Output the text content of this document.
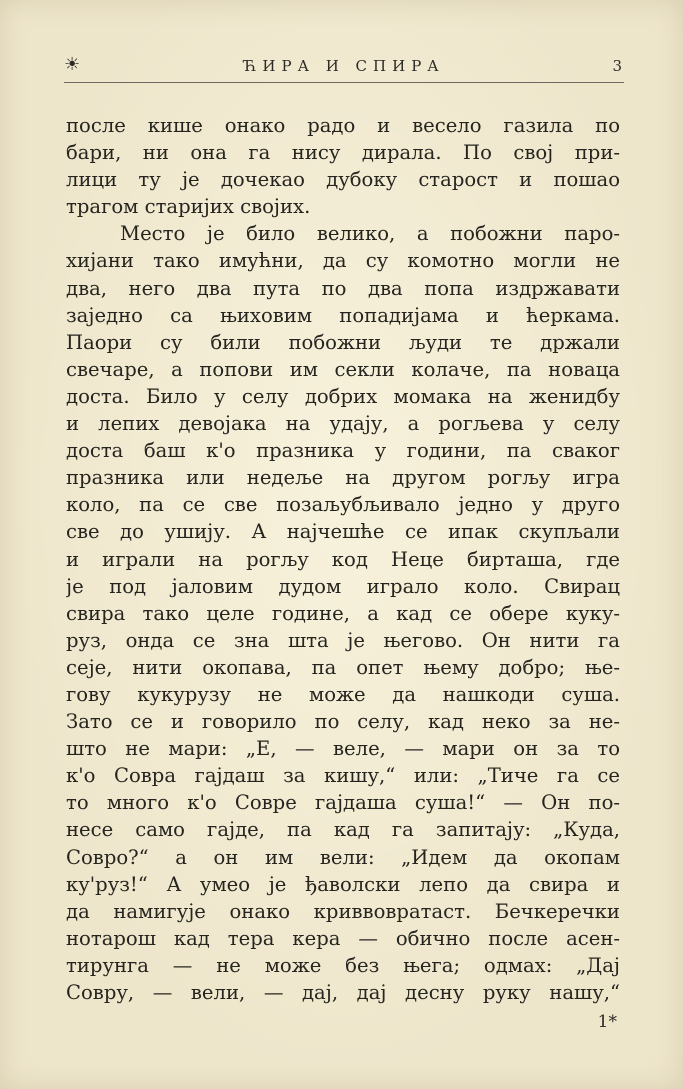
☀	ЋИРА И СПИРА	3
после кише онако радо и весело газила по
бари, ни она га нису дирала. По свој при-
лици ту је дочекао дубоку старост и пошао
трагом старијих својих.
Место је било велико, а побожни паро-
хијани тако имућни, да су комотно могли не
два, него два пута по два попа издржавати
заједно са њиховим попадијама и ћеркама.
Паори су били побожни људи те држали
свечаре, а попови им секли колаче, па новаца
доста. Било у селу добрих момака на женидбу
и лепих девојака на удају, а рогљева у селу
доста баш к'о празника у години, па сваког
празника или недеље на другом рогљу игра
коло, па се све позаљубљивало једно у друго
све до ушију. А најчешће се ипак скупљали
и играли на рогљу код Неце бирташа, где
је под јаловим дудом играло коло. Свирац
свира тако целе године, а кад се обере куку-
руз, онда се зна шта је његово. Он нити га
сеје, нити окопава, па опет њему добро; ње-
гову кукурузу не може да нашкоди суша.
Зато се и говорило по селу, кад неко за не-
што не мари: „Е, — веле, — мари он за то
к'о Совра гајдаш за кишу,“ или: „Тиче га се
то много к'о Совре гајдаша суша!“ — Он по-
несе само гајде, па кад га запитају: „Куда,
Совро?“ а он им вели: „Идем да окопам
ку'руз!“ А умео је ђаволски лепо да свира и
да намигује онако криввовратаст. Бечкеречки
нотарош кад тера кера — обично после асен-
тирунга — не може без њега; одмах: „Дај
Совру, — вели, — дај, дај десну руку нашу,“
1*
